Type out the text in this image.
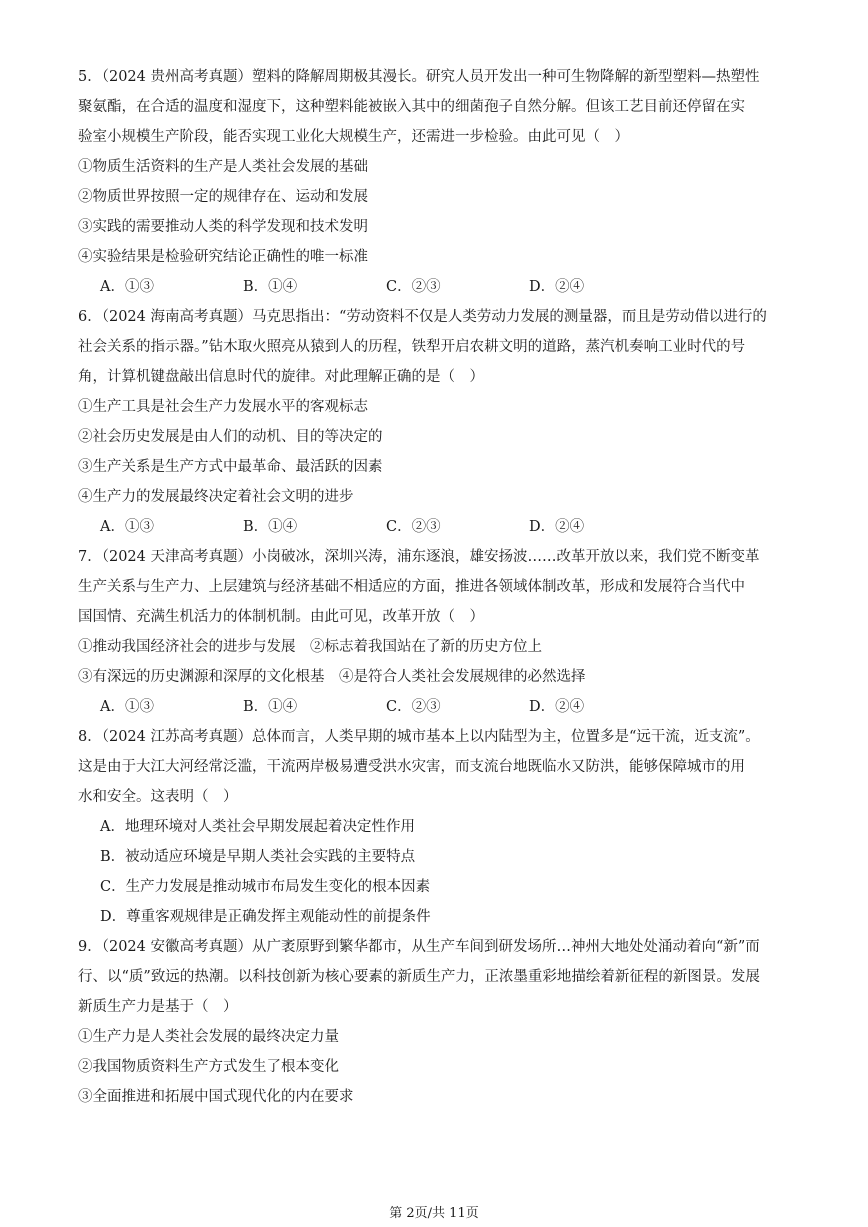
5．（2024 贵州高考真题）塑料的降解周期极其漫长。研究人员开发出一种可生物降解的新型塑料—热塑性
聚氨酯，在合适的温度和湿度下，这种塑料能被嵌入其中的细菌孢子自然分解。但该工艺目前还停留在实
验室小规模生产阶段，能否实现工业化大规模生产，还需进一步检验。由此可见（　）
①物质生活资料的生产是人类社会发展的基础
②物质世界按照一定的规律存在、运动和发展
③实践的需要推动人类的科学发现和技术发明
④实验结果是检验研究结论正确性的唯一标准
A．①③	B．①④	C．②③	D．②④
6．（2024 海南高考真题）马克思指出：“劳动资料不仅是人类劳动力发展的测量器，而且是劳动借以进行的
社会关系的指示器。”钻木取火照亮从猿到人的历程，铁犁开启农耕文明的道路，蒸汽机奏响工业时代的号
角，计算机键盘敲出信息时代的旋律。对此理解正确的是（　）
①生产工具是社会生产力发展水平的客观标志
②社会历史发展是由人们的动机、目的等决定的
③生产关系是生产方式中最革命、最活跃的因素
④生产力的发展最终决定着社会文明的进步
A．①③	B．①④	C．②③	D．②④
7．（2024 天津高考真题）小岗破冰，深圳兴涛，浦东逐浪，雄安扬波……改革开放以来，我们党不断变革
生产关系与生产力、上层建筑与经济基础不相适应的方面，推进各领域体制改革，形成和发展符合当代中
国国情、充满生机活力的体制机制。由此可见，改革开放（　）
①推动我国经济社会的进步与发展　②标志着我国站在了新的历史方位上
③有深远的历史渊源和深厚的文化根基　④是符合人类社会发展规律的必然选择
A．①③	B．①④	C．②③	D．②④
8．（2024 江苏高考真题）总体而言，人类早期的城市基本上以内陆型为主，位置多是“远干流，近支流”。
这是由于大江大河经常泛滥，干流两岸极易遭受洪水灾害，而支流台地既临水又防洪，能够保障城市的用
水和安全。这表明（　）
A．地理环境对人类社会早期发展起着决定性作用
B．被动适应环境是早期人类社会实践的主要特点
C．生产力发展是推动城市布局发生变化的根本因素
D．尊重客观规律是正确发挥主观能动性的前提条件
9．（2024 安徽高考真题）从广袤原野到繁华都市，从生产车间到研发场所…神州大地处处涌动着向“新”而
行、以“质”致远的热潮。以科技创新为核心要素的新质生产力，正浓墨重彩地描绘着新征程的新图景。发展
新质生产力是基于（　）
①生产力是人类社会发展的最终决定力量
②我国物质资料生产方式发生了根本变化
③全面推进和拓展中国式现代化的内在要求
第 2页/共 11页
